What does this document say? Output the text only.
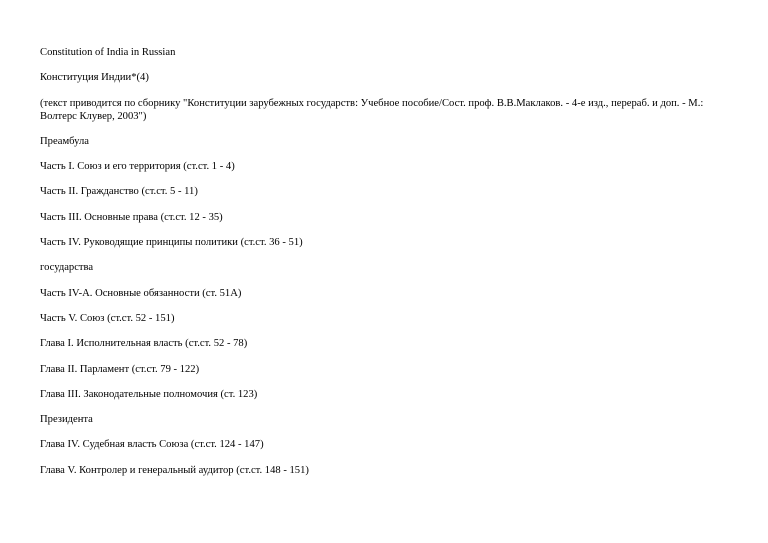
Constitution of India in Russian

Конституция Индии*(4)

(текст приводится по сборнику "Конституции зарубежных государств: Учебное пособие/Сост. проф. В.В.Маклаков. - 4-е изд., перераб. и доп. - М.: Волтерс Клувер, 2003")

Преамбула

Часть I. Союз и его территория (ст.ст. 1 - 4)

Часть II. Гражданство (ст.ст. 5 - 11)

Часть III. Основные права (ст.ст. 12 - 35)

Часть IV. Руководящие принципы политики (ст.ст. 36 - 51)

государства

Часть IV-A. Основные обязанности (ст. 51A)

Часть V. Союз (ст.ст. 52 - 151)

Глава I. Исполнительная власть (ст.ст. 52 - 78)

Глава II. Парламент (ст.ст. 79 - 122)

Глава III. Законодательные полномочия (ст. 123)

Президента

Глава IV. Судебная власть Союза (ст.ст. 124 - 147)

Глава V. Контролер и генеральный аудитор (ст.ст. 148 - 151)
